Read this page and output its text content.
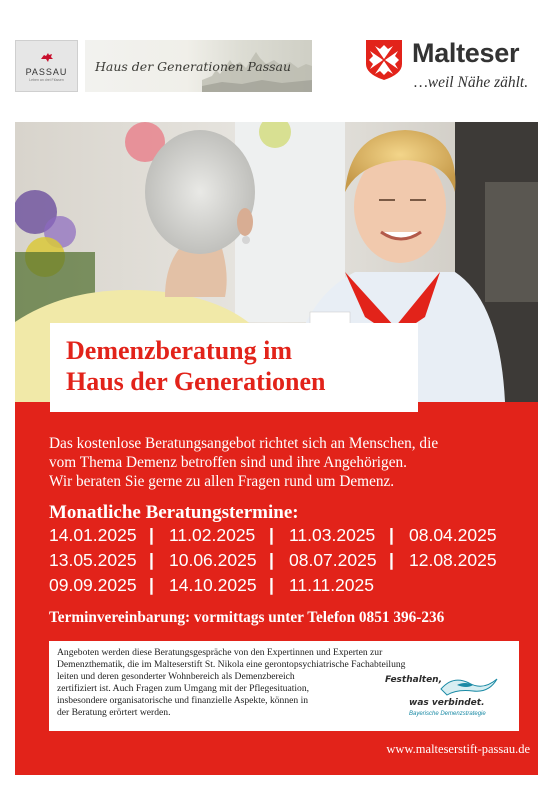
PASSAU
Leben an drei Flüssen
Haus der Generationen Passau	Malteser
…weil Nähe zählt.
Demenzberatung im
Haus der Generationen
Das kostenlose Beratungsangebot richtet sich an Menschen, die
vom Thema Demenz betroffen sind und ihre Angehörigen.
Wir beraten Sie gerne zu allen Fragen rund um Demenz.
Monatliche Beratungstermine:
14.01.2025 | 11.02.2025 | 11.03.2025 | 08.04.2025
13.05.2025 | 10.06.2025 | 08.07.2025 | 12.08.2025
09.09.2025 | 14.10.2025 | 11.11.2025
Terminvereinbarung: vormittags unter Telefon 0851 396-236
Angeboten werden diese Beratungsgespräche von den Expertinnen und Experten zur
Demenzthematik, die im Malteserstift St. Nikola eine gerontopsychiatrische Fachabteilung
leiten und deren gesonderter Wohnbereich als Demenzbereich
zertifiziert ist. Auch Fragen zum Umgang mit der Pflegesituation,
insbesondere organisatorische und finanzielle Aspekte, können in
der Beratung erörtert werden.
Festhalten,
was verbindet.
Bayerische Demenzstrategie
www.malteserstift-passau.de
